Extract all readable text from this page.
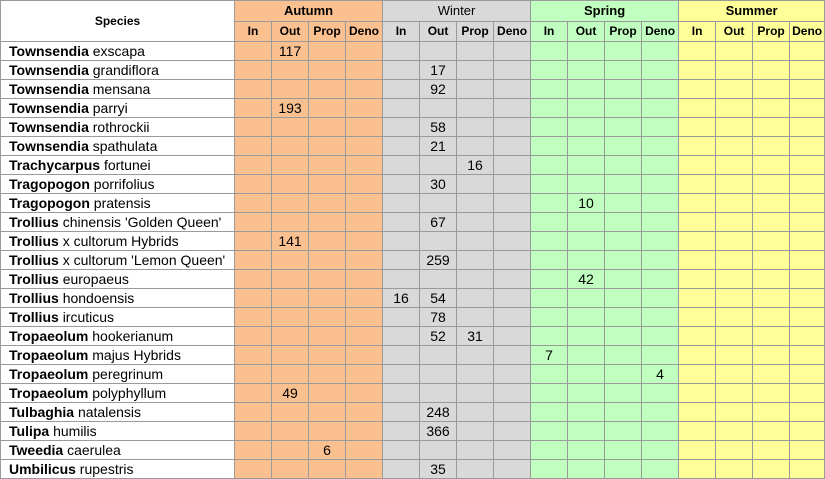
Species	Autumn				Winter				Spring				Summer			
	In	Out	Prop	Deno	In	Out	Prop	Deno	In	Out	Prop	Deno	In	Out	Prop	Deno
Townsendia exscapa		117														
Townsendia grandiflora						17										
Townsendia mensana						92										
Townsendia parryi		193														
Townsendia rothrockii						58										
Townsendia spathulata						21										
Trachycarpus fortunei							16									
Tragopogon porrifolius						30										
Tragopogon pratensis										10						
Trollius chinensis 'Golden Queen'						67										
Trollius x cultorum Hybrids		141														
Trollius x cultorum 'Lemon Queen'						259										
Trollius europaeus										42						
Trollius hondoensis					16	54										
Trollius ircuticus						78										
Tropaeolum hookerianum						52	31									
Tropaeolum majus Hybrids									7							
Tropaeolum peregrinum												4				
Tropaeolum polyphyllum		49														
Tulbaghia natalensis						248										
Tulipa humilis						366										
Tweedia caerulea			6													
Umbilicus rupestris						35										
